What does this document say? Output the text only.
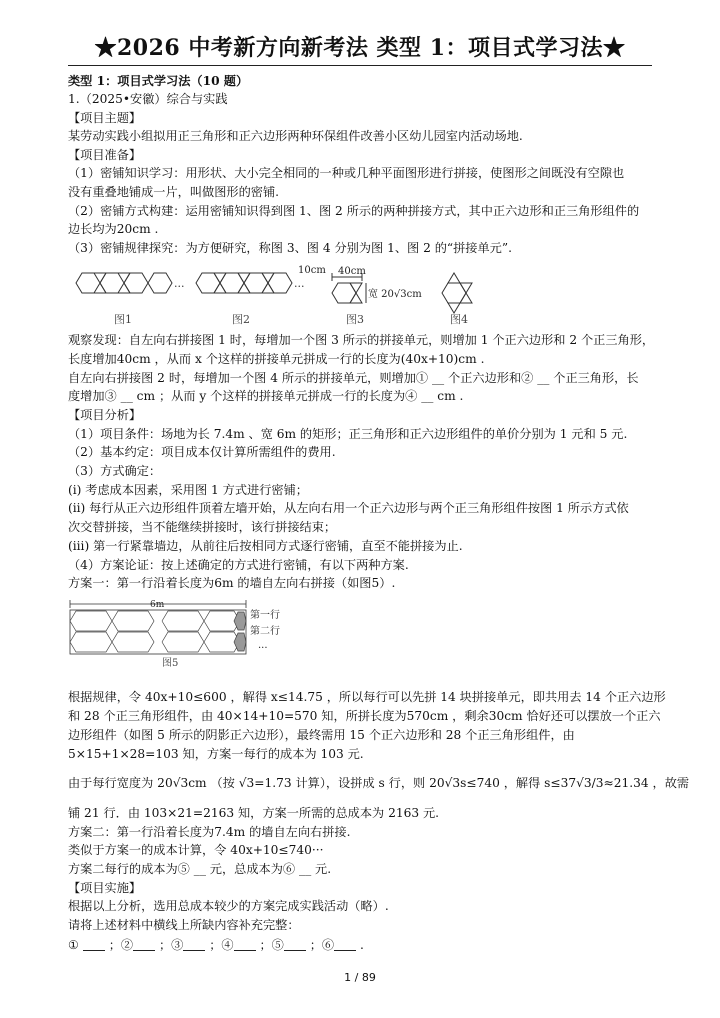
★2026 中考新方向新考法 类型 1：项目式学习法★
类型 1：项目式学习法（10 题）
1.（2025•安徽）综合与实践
【项目主题】
某劳动实践小组拟用正三角形和正六边形两种环保组件改善小区幼儿园室内活动场地.
【项目准备】
（1）密铺知识学习：用形状、大小完全相同的一种或几种平面图形进行拼接，使图形之间既没有空隙也
没有重叠地铺成一片，叫做图形的密铺.
（2）密铺方式构建：运用密铺知识得到图 1、图 2 所示的两种拼接方式，其中正六边形和正三角形组件的
边长均为20cm .
（3）密铺规律探究：为方便研究，称图 3、图 4 分别为图 1、图 2 的“拼接单元”.
...
图1
...
图2
10cm 40cm
宽 20√3cm
图3	图4
观察发现：自左向右拼接图 1 时，每增加一个图 3 所示的拼接单元，则增加 1 个正六边形和 2 个正三角形，
长度增加40cm ，从而 x 个这样的拼接单元拼成一行的长度为(40x+10)cm .
自左向右拼接图 2 时，每增加一个图 4 所示的拼接单元，则增加① __ 个正六边形和② __ 个正三角形，长
度增加③ __ cm ；从而 y 个这样的拼接单元拼成一行的长度为④ __ cm .
【项目分析】
（1）项目条件：场地为长 7.4m 、宽 6m 的矩形；正三角形和正六边形组件的单价分别为 1 元和 5 元.
（2）基本约定：项目成本仅计算所需组件的费用.
（3）方式确定：
(i) 考虑成本因素，采用图 1 方式进行密铺；
(ii) 每行从正六边形组件顶着左墙开始，从左向右用一个正六边形与两个正三角形组件按图 1 所示方式依
次交替拼接，当不能继续拼接时，该行拼接结束；
(iii) 第一行紧靠墙边，从前往后按相同方式逐行密铺，直至不能拼接为止.
（4）方案论证：按上述确定的方式进行密铺，有以下两种方案.
方案一：第一行沿着长度为6m 的墙自左向右拼接（如图5）.
6m
第一行
第二行
...
图5
根据规律，令 40x+10≤600 ，解得 x≤14.75 ，所以每行可以先拼 14 块拼接单元，即共用去 14 个正六边形
和 28 个正三角形组件，由 40×14+10=570 知，所拼长度为570cm ，剩余30cm 恰好还可以摆放一个正六
边形组件（如图 5 所示的阴影正六边形），最终需用 15 个正六边形和 28 个正三角形组件，由
5×15+1×28=103 知，方案一每行的成本为 103 元.
由于每行宽度为 20√3cm （按 √3=1.73 计算），设拼成 s 行，则 20√3s≤740 ，解得 s≤37√3/3≈21.34 ，故需
铺 21 行．由 103×21=2163 知，方案一所需的总成本为 2163 元.
方案二：第一行沿着长度为7.4m 的墙自左向右拼接.
类似于方案一的成本计算，令 40x+10≤740···
方案二每行的成本为⑤ __ 元，总成本为⑥ __ 元.
【项目实施】
根据以上分析，选用总成本较少的方案完成实践活动（略）.
请将上述材料中横线上所缺内容补充完整：
① ；② ；③ ；④ ；⑤ ；⑥ .
1 / 89
